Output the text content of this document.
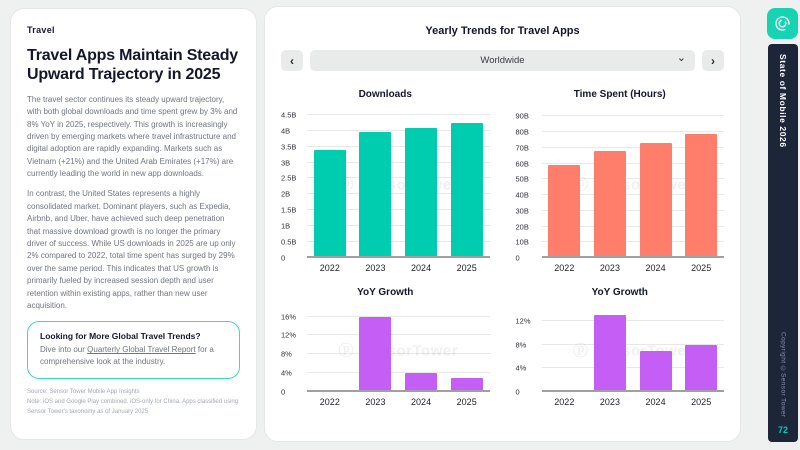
Travel
Travel Apps Maintain Steady Upward Trajectory in 2025

The travel sector continues its steady upward trajectory, with both global downloads and time spent grew by 3% and 8% YoY in 2025, respectively. This growth is increasingly driven by emerging markets where travel infrastructure and digital adoption are rapidly expanding. Markets such as Vietnam (+21%) and the United Arab Emirates (+17%) are currently leading the world in new app downloads.

In contrast, the United States represents a highly consolidated market. Dominant players, such as Expedia, Airbnb, and Uber, have achieved such deep penetration that massive download growth is no longer the primary driver of success. While US downloads in 2025 are up only 2% compared to 2022, total time spent has surged by 29% over the same period. This indicates that US growth is primarily fueled by increased session depth and user retention within existing apps, rather than new user acquisition.

Looking for More Global Travel Trends?
Dive into our Quarterly Global Travel Report for a comprehensive look at the industry.

Source: Sensor Tower Mobile App Insights

Note: iOS and Google Play combined. iOS-only for China. Apps classified using Sensor Tower's taxonomy as of January 2025

Yearly Trends for Travel Apps
‹	Worldwide	⌄ ›
Downloads
0
0.5B
1B
1.5B
2B
2.5B
3B
3.5B
4B
4.5B
ⓟ SensorTower
2022	2023	2024	2025
Time Spent (Hours)
0
10B
20B
30B
40B
50B
60B
70B
80B
90B
ⓟ SensorTower
2022	2023	2024	2025
YoY Growth
0
4%
8%
12%
16%
ⓟ SensorTower
2022	2023	2024	2025
YoY Growth
0
4%
8%
12%
ⓟ SensorTower
2022	2023	2024	2025
State of Mobile 2026
Copyright ©Sensor Tower
72
